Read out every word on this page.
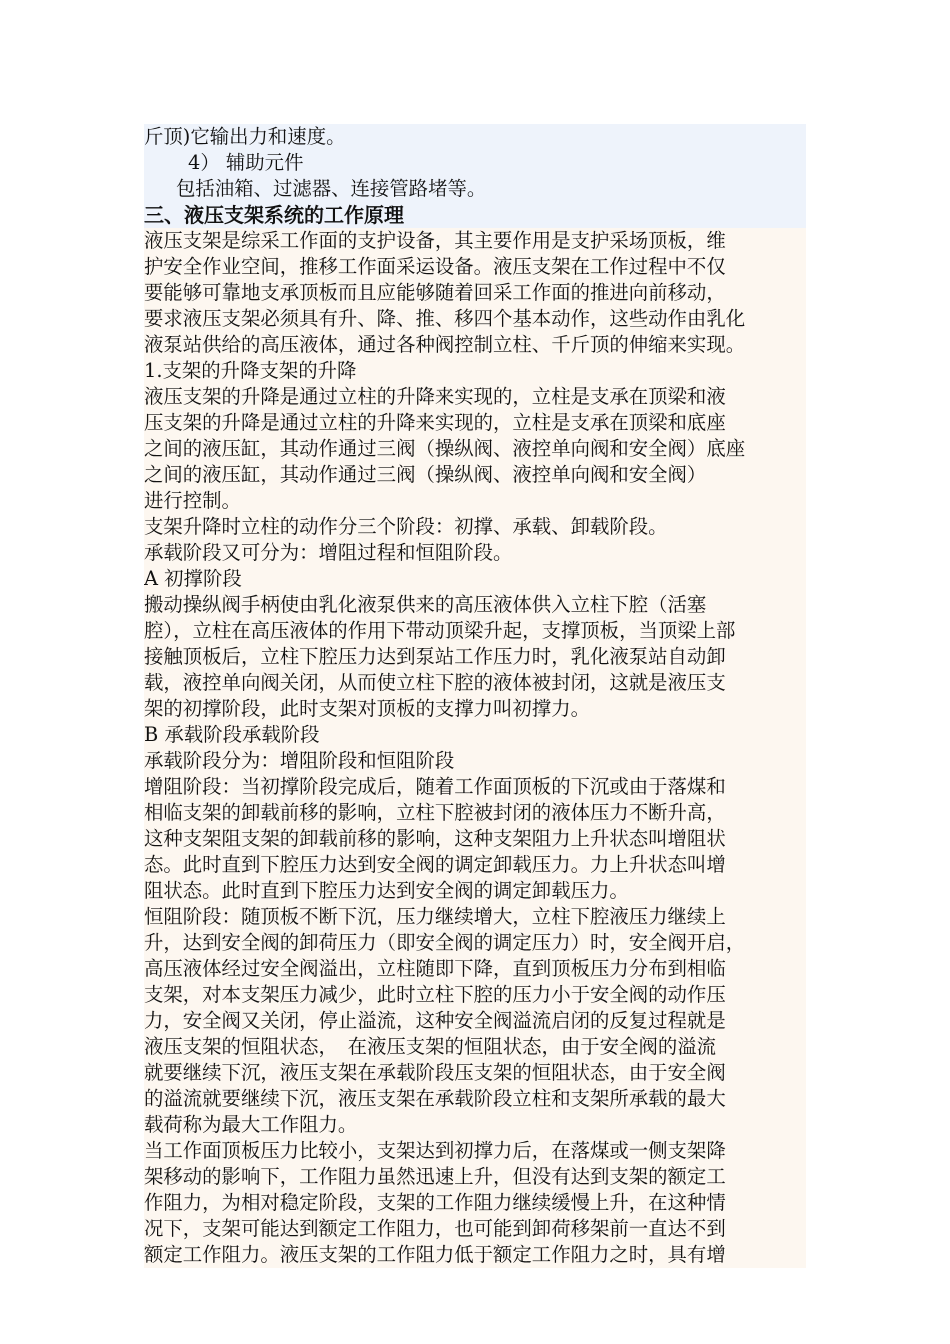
斤顶)它输出力和速度。
4） 辅助元件
包括油箱、过滤器、连接管路堵等。
三、液压支架系统的工作原理
液压支架是综采工作面的支护设备，其主要作用是支护采场顶板，维
护安全作业空间，推移工作面采运设备。液压支架在工作过程中不仅
要能够可靠地支承顶板而且应能够随着回采工作面的推进向前移动，
要求液压支架必须具有升、降、推、移四个基本动作，这些动作由乳化
液泵站供给的高压液体，通过各种阀控制立柱、千斤顶的伸缩来实现。
1.支架的升降支架的升降
液压支架的升降是通过立柱的升降来实现的，立柱是支承在顶梁和液
压支架的升降是通过立柱的升降来实现的，立柱是支承在顶梁和底座
之间的液压缸，其动作通过三阀（操纵阀、液控单向阀和安全阀）底座
之间的液压缸，其动作通过三阀（操纵阀、液控单向阀和安全阀）
进行控制。
支架升降时立柱的动作分三个阶段：初撑、承载、卸载阶段。
承载阶段又可分为：增阻过程和恒阻阶段。
A 初撑阶段
搬动操纵阀手柄使由乳化液泵供来的高压液体供入立柱下腔（活塞
腔），立柱在高压液体的作用下带动顶梁升起，支撑顶板，当顶梁上部
接触顶板后，立柱下腔压力达到泵站工作压力时，乳化液泵站自动卸
载，液控单向阀关闭，从而使立柱下腔的液体被封闭，这就是液压支
架的初撑阶段，此时支架对顶板的支撑力叫初撑力。
B 承载阶段承载阶段
承载阶段分为：增阻阶段和恒阻阶段
增阻阶段：当初撑阶段完成后，随着工作面顶板的下沉或由于落煤和
相临支架的卸载前移的影响，立柱下腔被封闭的液体压力不断升高，
这种支架阻支架的卸载前移的影响，这种支架阻力上升状态叫增阻状
态。此时直到下腔压力达到安全阀的调定卸载压力。力上升状态叫增
阻状态。此时直到下腔压力达到安全阀的调定卸载压力。
恒阻阶段：随顶板不断下沉，压力继续增大，立柱下腔液压力继续上
升，达到安全阀的卸荷压力（即安全阀的调定压力）时，安全阀开启，
高压液体经过安全阀溢出，立柱随即下降，直到顶板压力分布到相临
支架，对本支架压力减少，此时立柱下腔的压力小于安全阀的动作压
力，安全阀又关闭，停止溢流，这种安全阀溢流启闭的反复过程就是
液压支架的恒阻状态，　在液压支架的恒阻状态，由于安全阀的溢流
就要继续下沉，液压支架在承载阶段压支架的恒阻状态，由于安全阀
的溢流就要继续下沉，液压支架在承载阶段立柱和支架所承载的最大
载荷称为最大工作阻力。
当工作面顶板压力比较小，支架达到初撑力后，在落煤或一侧支架降
架移动的影响下，工作阻力虽然迅速上升，但没有达到支架的额定工
作阻力，为相对稳定阶段，支架的工作阻力继续缓慢上升，在这种情
况下，支架可能达到额定工作阻力，也可能到卸荷移架前一直达不到
额定工作阻力。液压支架的工作阻力低于额定工作阻力之时，具有增
